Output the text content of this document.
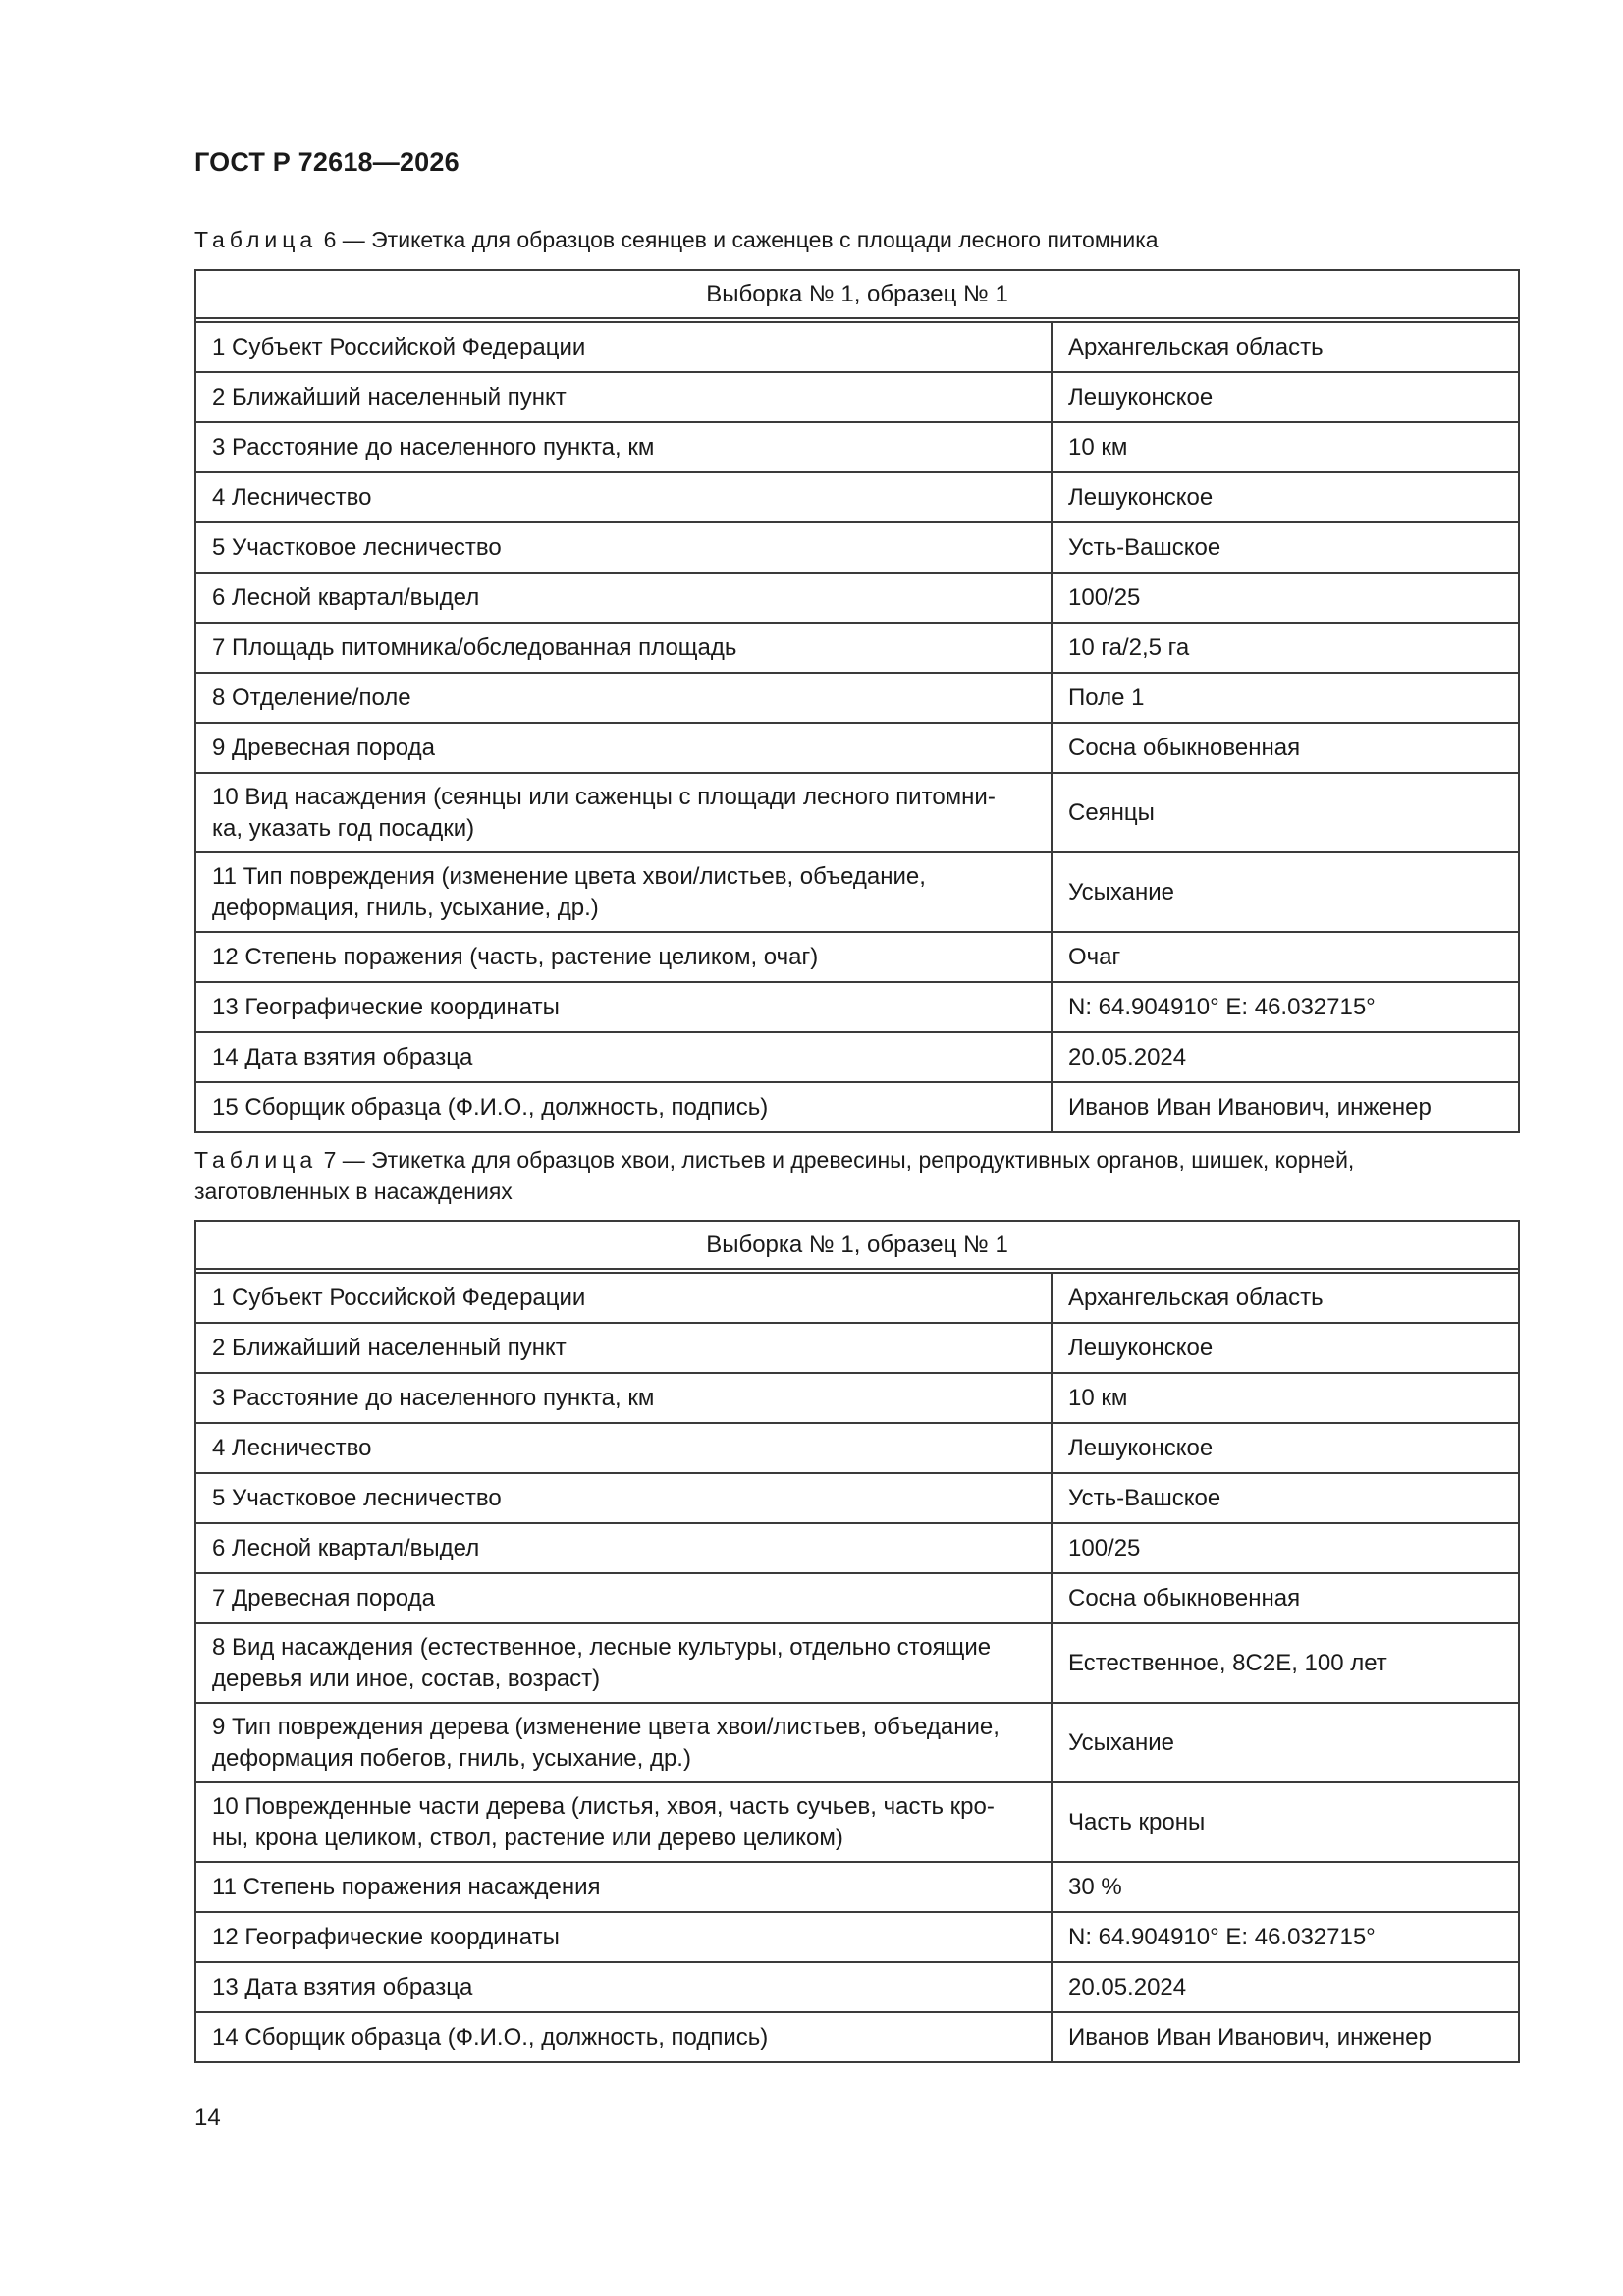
ГОСТ Р 72618—2026
Таблица 6 — Этикетка для образцов сеянцев и саженцев с площади лесного питомника
Выборка № 1, образец № 1	

1 Субъект Российской Федерации	Архангельская область
2 Ближайший населенный пункт	Лешуконское
3 Расстояние до населенного пункта, км	10 км
4 Лесничество	Лешуконское
5 Участковое лесничество	Усть-Вашское
6 Лесной квартал/выдел	100/25
7 Площадь питомника/обследованная площадь	10 га/2,5 га
8 Отделение/поле	Поле 1
9 Древесная порода	Сосна обыкновенная
10 Вид насаждения (сеянцы или саженцы с площади лесного питомни-
ка, указать год посадки)	Сеянцы
11 Тип повреждения (изменение цвета хвои/листьев, объедание,
деформация, гниль, усыхание, др.)	Усыхание
12 Степень поражения (часть, растение целиком, очаг)	Очаг
13 Географические координаты	N: 64.904910° E: 46.032715°
14 Дата взятия образца	20.05.2024
15 Сборщик образца (Ф.И.О., должность, подпись)	Иванов Иван Иванович, инженер
Таблица 7 — Этикетка для образцов хвои, листьев и древесины, репродуктивных органов, шишек, корней, заготовленных в насаждениях
Выборка № 1, образец № 1	

1 Субъект Российской Федерации	Архангельская область
2 Ближайший населенный пункт	Лешуконское
3 Расстояние до населенного пункта, км	10 км
4 Лесничество	Лешуконское
5 Участковое лесничество	Усть-Вашское
6 Лесной квартал/выдел	100/25
7 Древесная порода	Сосна обыкновенная
8 Вид насаждения (естественное, лесные культуры, отдельно стоящие
деревья или иное, состав, возраст)	Естественное, 8С2Е, 100 лет
9 Тип повреждения дерева (изменение цвета хвои/листьев, объедание,
деформация побегов, гниль, усыхание, др.)	Усыхание
10 Поврежденные части дерева (листья, хвоя, часть сучьев, часть кро-
ны, крона целиком, ствол, растение или дерево целиком)	Часть кроны
11 Степень поражения насаждения	30 %
12 Географические координаты	N: 64.904910° E: 46.032715°
13 Дата взятия образца	20.05.2024
14 Сборщик образца (Ф.И.О., должность, подпись)	Иванов Иван Иванович, инженер
14
